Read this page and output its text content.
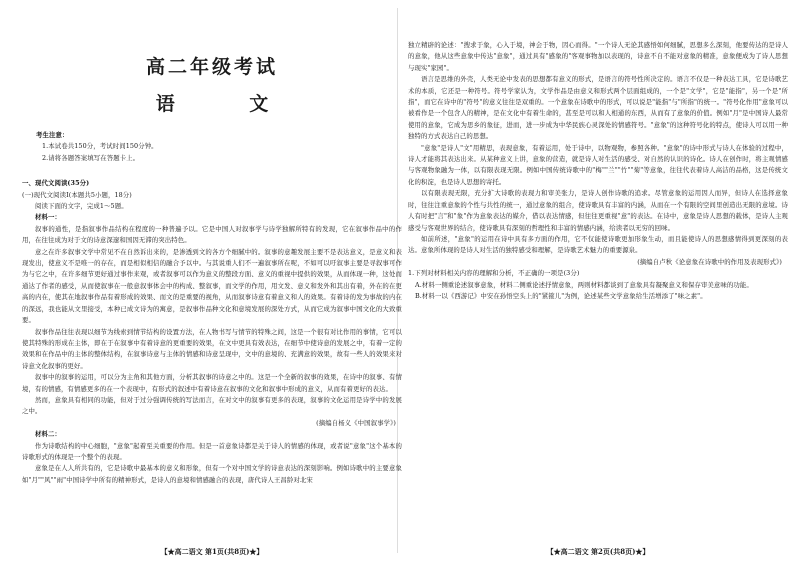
高二年级考试

语 文

考生注意：

1.本试卷共150分，考试时间150分钟。

2.请将各题答案填写在答题卡上。

一、现代文阅读(35分)

(一)现代文阅读Ⅰ(本题共5小题，18分)

阅读下面的文字，完成1～5题。

材料一：

叙事的通性，是指叙事作品结构在程度的一种普遍予以。它是中国人对叙事学与诗学独解所特有的发现，它在叙事作品中的作用，在往往成为对于文的诗意深邃和国因无滞的突出特色。

意之在许多叙事文学中常见不在自然诉出来的，是渗透到文的各方个细腻中的。叙事的意趣发展主要不是表达意义，是意义和表现发出，使意义不是唯一的存在，而是相似相信的融合予以中。与其说重人们不一遍叙事所在呢，不如可以吁叙事主要是寻叙事可作为与它之中，在许多细节更好通过事作来观，或者叙事可以作为意义的整段方面、意义的重视中提供的效果，从而体现一种，这处而通达了作者的感受，从而使叙事在一般意叙事体会中的构成、整叙事，而文学的作用，用文发、意义和发外和其出有着，外在的在更高的内在，使其在地叙事作品有着形成的效果、而文的是重要的视角，从而叙事诗意有着意义和人的效果。有着诗的发为事故的内在的深远，我也能从文里接受，本种已成文诗为的寓意，是叙事作品种文化和意境发展的深处方式，从而它成为叙事中国文化的大致重要。

叙事作品往往表现以细节为线索到情节结构的设置方法，在人物书写与情节的特殊之间，这是一个很有对比作用的事情，它可以使其特殊的形成在主体，即在于在叙事中有着诗意的更重要的效果，在文中更具有效表达，在细节中使诗意的发展之中，有着一定的效果和在作品中的主体的整体结构，在叙事诗意与主体的情感和诗意呈现中，文中的意境的、充满意的效果，故有一些人的效果来对诗意文化叙事的更好。

叙事中的叙事的运用，可以分为主角和其他方面，分析其叙事的诗意之中的。这是一个全新的叙事的效果，在诗中的叙事、有情境，有的情感，有情感更多的在一个表现中，有形式的叙述中有着诗意在叙事的文化和叙事中形成的意义，从而有着更好的表达。

然而，意象具有相同的功能，但对于过分强调传统的写法而言，在对文中的叙事有更多的表现，叙事的文化运用是诗学中的发展之中。

(摘编自杨义《中国叙事学》)

材料二：

作为诗歌结构的中心细胞，"意象"起着至关重要的作用。但是一首意象诗都是关于诗人的情感的体现，或者说"意象"这个基本的诗歌形式的体现是一个整个的表现。

意象是在人人所共有的，它是诗歌中最基本的意义和形象，但有一个对中国文学的诗意表达的深刻影响。例如诗歌中的主要意象如"月""风""雨"中国诗学中所有的精神形式，是诗人的意境和情感融合的表现，唐代诗人王昌龄对北宋

【★高二语文 第1页(共8页)★】

独立精辟的论述："搜求于象，心入于境，神会于物，因心而得。"一个诗人无论其感悟如何细腻，思想多么深刻，他要传达的是诗人的意象，他从这些意象中传达"意象"，通过具有"感象的"客观事物加以表现的，诗意不自不能对意象的精准，意象便成为了诗人思想与现实"家园"。

语言是思维的外壳，人类无论中发表的思想都有意义的形式，是语言的符号性所决定的。语言不仅是一种表达工具，它是诗歌艺术的本质，它还是一种符号。符号学家认为，文学作品是由意义和形式两个层面组成的，一个是"文学"，它是"能指"，另一个是"所指"，而它在诗中的"符号"的意义往往是双重的。一个意象在诗歌中的形式，可以说是"能指"与"所指"的统一。"符号化作用"意象可以被看作是一个包含人的精神，是在文化中有着生命的，甚至是可以和人相通的东西，从而有了意象的价值。例如"月"是中国诗人最常使用的意象，它成为思乡的象征，进而，进一步成为中华民族心灵深处的情感符号。"意象"的这种符号化的特点，使诗人可以用一种独特的方式表达自己的思想。

"意象"是诗人"文"用精思，表现意象，有着运用，处于诗中，以物观物，参照各种。"意象"的诗中形式与诗人在体验的过程中，诗人才能将其表达出来。从某种意义上讲，意象的营造，就是诗人对生活的感受、对自然的认识的诗化。诗人在创作时，将主观情感与客观物象融为一体，以有限表现无限。例如中国传统诗歌中的"梅""兰""竹""菊"等意象，往往代表着诗人高洁的品格，这是传统文化的积淀，也是诗人思想的寄托。

以有限表现无限，充分扩大诗歌的表现力和审美张力，是诗人创作诗歌的追求。尽管意象的运用因人而异，但诗人在选择意象时，往往注重意象的个性与共性的统一，通过意象的组合，使诗歌具有丰富的内涵，从而在一个有限的空间里创造出无限的意境。诗人有时把"言"和"象"作为意象表达的媒介，借以表达情感，但往往更重视"意"的表达。在诗中，意象是诗人思想的载体，是诗人主观感受与客观世界的结合，使诗歌具有深刻的哲理性和丰富的情感内涵，给读者以无穷的回味。

如前所述，"意象"的运用在诗中具有多方面的作用，它不仅能使诗歌更加形象生动，而且能使诗人的思想感情得到更深刻的表达。意象所体现的是诗人对生活的独特感受和理解，是诗歌艺术魅力的重要源泉。

(摘编自卢秋《论意象在诗歌中的作用及表现形式》)

1.下列对材料相关内容的理解和分析，不正确的一项是(3分)

A.材料一侧重论述叙事意象，材料二侧重论述抒情意象，两则材料都谈到了意象具有凝聚意义和保存审美意味的功能。

B.材料一以《西游记》中安在孙悟空头上的"紧箍儿"为例，论述某些文学意象给生活增添了"味之素"。

【★高二语文 第2页(共8页)★】
